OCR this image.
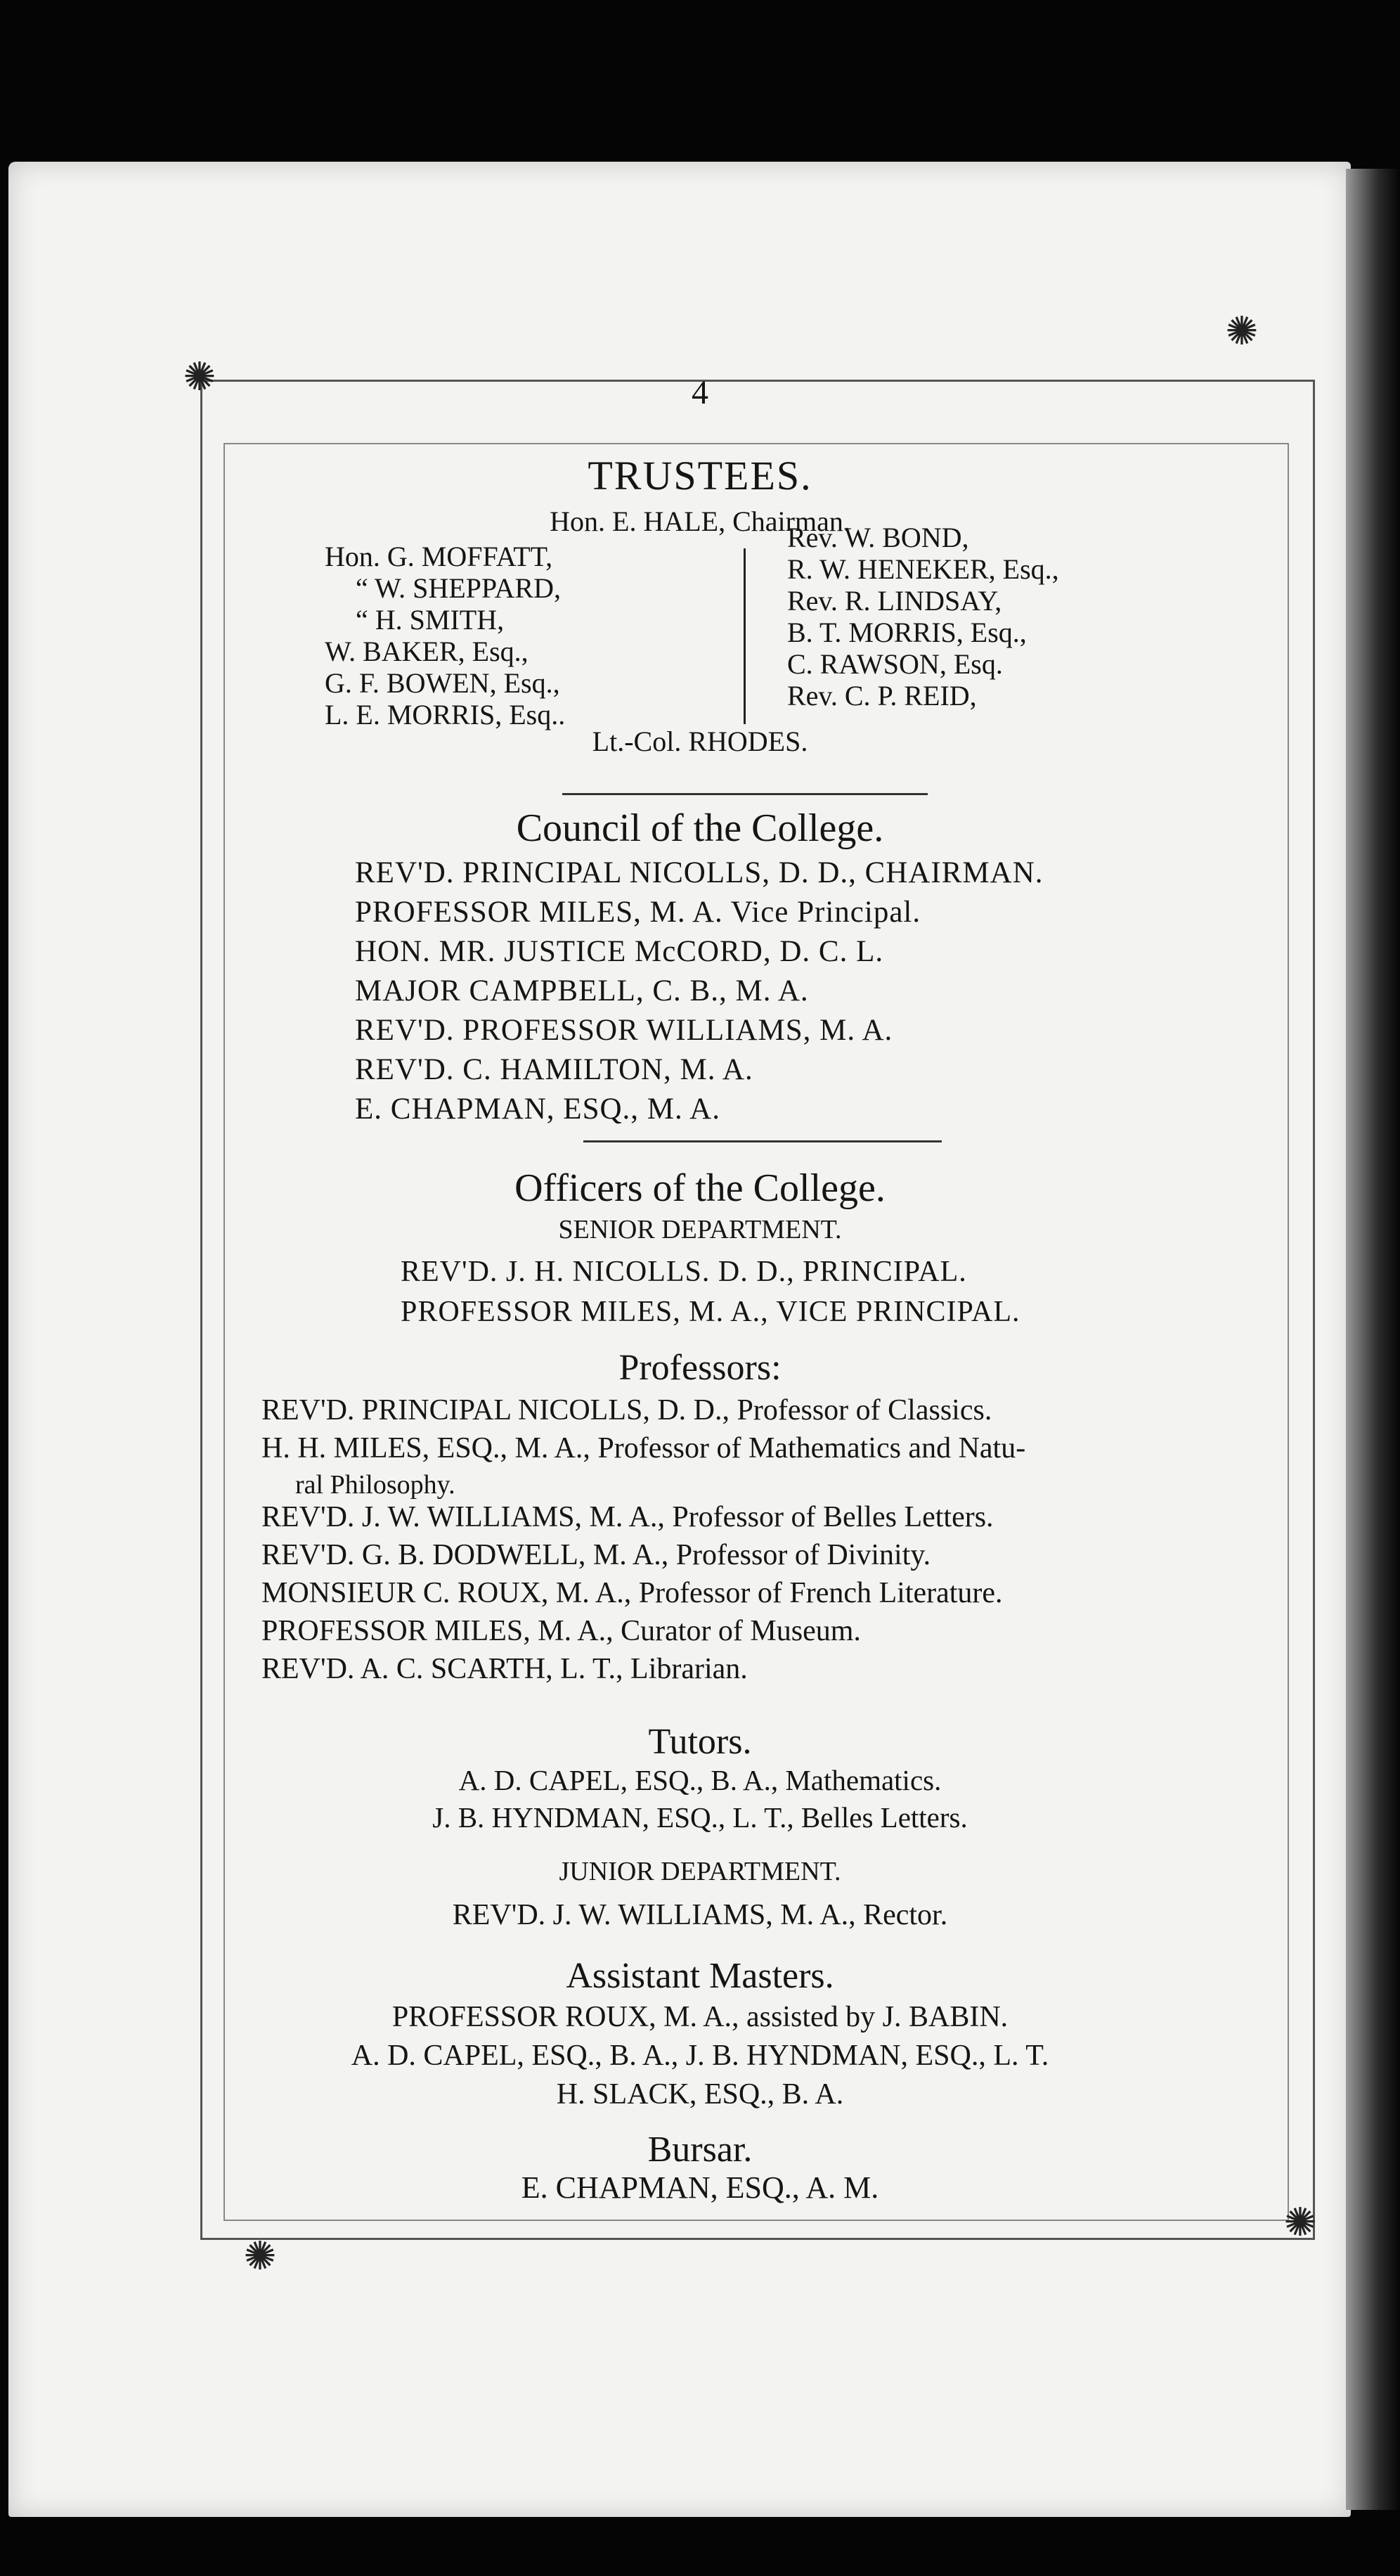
✺
✺
✺
✺
4
TRUSTEES.
Hon. E. HALE, Chairman.
Hon. G. MOFFATT,
“ W. SHEPPARD,
“ H. SMITH,
W. BAKER, Esq.,
G. F. BOWEN, Esq.,
L. E. MORRIS, Esq..
Rev. W. BOND,
R. W. HENEKER, Esq.,
Rev. R. LINDSAY,
B. T. MORRIS, Esq.,
C. RAWSON, Esq.
Rev. C. P. REID,
Lt.-Col. RHODES.
Council of the College.
REV'D. PRINCIPAL NICOLLS, D. D., CHAIRMAN.
PROFESSOR MILES, M. A. Vice Principal.
HON. MR. JUSTICE McCORD, D. C. L.
MAJOR CAMPBELL, C. B., M. A.
REV'D. PROFESSOR WILLIAMS, M. A.
REV'D. C. HAMILTON, M. A.
E. CHAPMAN, ESQ., M. A.
Officers of the College.
SENIOR DEPARTMENT.
REV'D. J. H. NICOLLS. D. D., PRINCIPAL.
PROFESSOR MILES, M. A., VICE PRINCIPAL.
Professors:
REV'D. PRINCIPAL NICOLLS, D. D., Professor of Classics.
H. H. MILES, ESQ., M. A., Professor of Mathematics and Natu-
ral Philosophy.
REV'D. J. W. WILLIAMS, M. A., Professor of Belles Letters.
REV'D. G. B. DODWELL, M. A., Professor of Divinity.
MONSIEUR C. ROUX, M. A., Professor of French Literature.
PROFESSOR MILES, M. A., Curator of Museum.
REV'D. A. C. SCARTH, L. T., Librarian.
Tutors.
A. D. CAPEL, ESQ., B. A., Mathematics.
J. B. HYNDMAN, ESQ., L. T., Belles Letters.
JUNIOR DEPARTMENT.
REV'D. J. W. WILLIAMS, M. A., Rector.
Assistant Masters.
PROFESSOR ROUX, M. A., assisted by J. BABIN.
A. D. CAPEL, ESQ., B. A., J. B. HYNDMAN, ESQ., L. T.
H. SLACK, ESQ., B. A.
Bursar.
E. CHAPMAN, ESQ., A. M.
